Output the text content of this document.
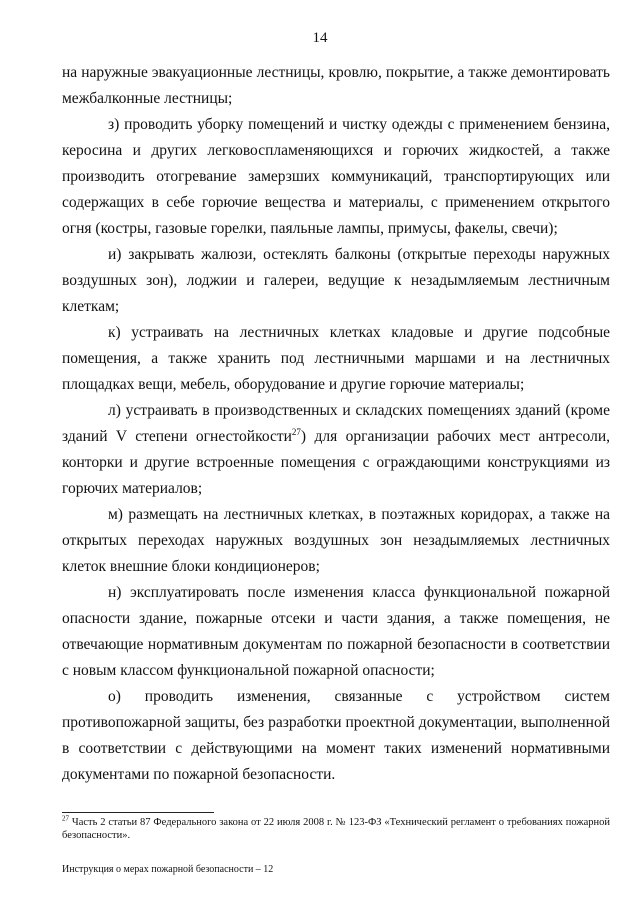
14

на наружные эвакуационные лестницы, кровлю, покрытие, а также демонтировать межбалконные лестницы;

з) проводить уборку помещений и чистку одежды с применением бензина, керосина и других легковоспламеняющихся и горючих жидкостей, а также производить отогревание замерзших коммуникаций, транспортирующих или содержащих в себе горючие вещества и материалы, с применением открытого огня (костры, газовые горелки, паяльные лампы, примусы, факелы, свечи);

и) закрывать жалюзи, остеклять балконы (открытые переходы наружных воздушных зон), лоджии и галереи, ведущие к незадымляемым лестничным клеткам;

к) устраивать на лестничных клетках кладовые и другие подсобные помещения, а также хранить под лестничными маршами и на лестничных площадках вещи, мебель, оборудование и другие горючие материалы;

л) устраивать в производственных и складских помещениях зданий (кроме зданий V степени огнестойкости$^{27}$) для организации рабочих мест антресоли, конторки и другие встроенные помещения с ограждающими конструкциями из горючих материалов;

м) размещать на лестничных клетках, в поэтажных коридорах, а также на открытых переходах наружных воздушных зон незадымляемых лестничных клеток внешние блоки кондиционеров;

н) эксплуатировать после изменения класса функциональной пожарной опасности здание, пожарные отсеки и части здания, а также помещения, не отвечающие нормативным документам по пожарной безопасности в соответствии с новым классом функциональной пожарной опасности;

о) проводить изменения, связанные с устройством систем противопожарной защиты, без разработки проектной документации, выполненной в соответствии с действующими на момент таких изменений нормативными документами по пожарной безопасности.

$^{27}$ Часть 2 статьи 87 Федерального закона от 22 июля 2008 г. № 123-ФЗ «Технический регламент о требованиях пожарной безопасности».
Инструкция о мерах пожарной безопасности – 12
